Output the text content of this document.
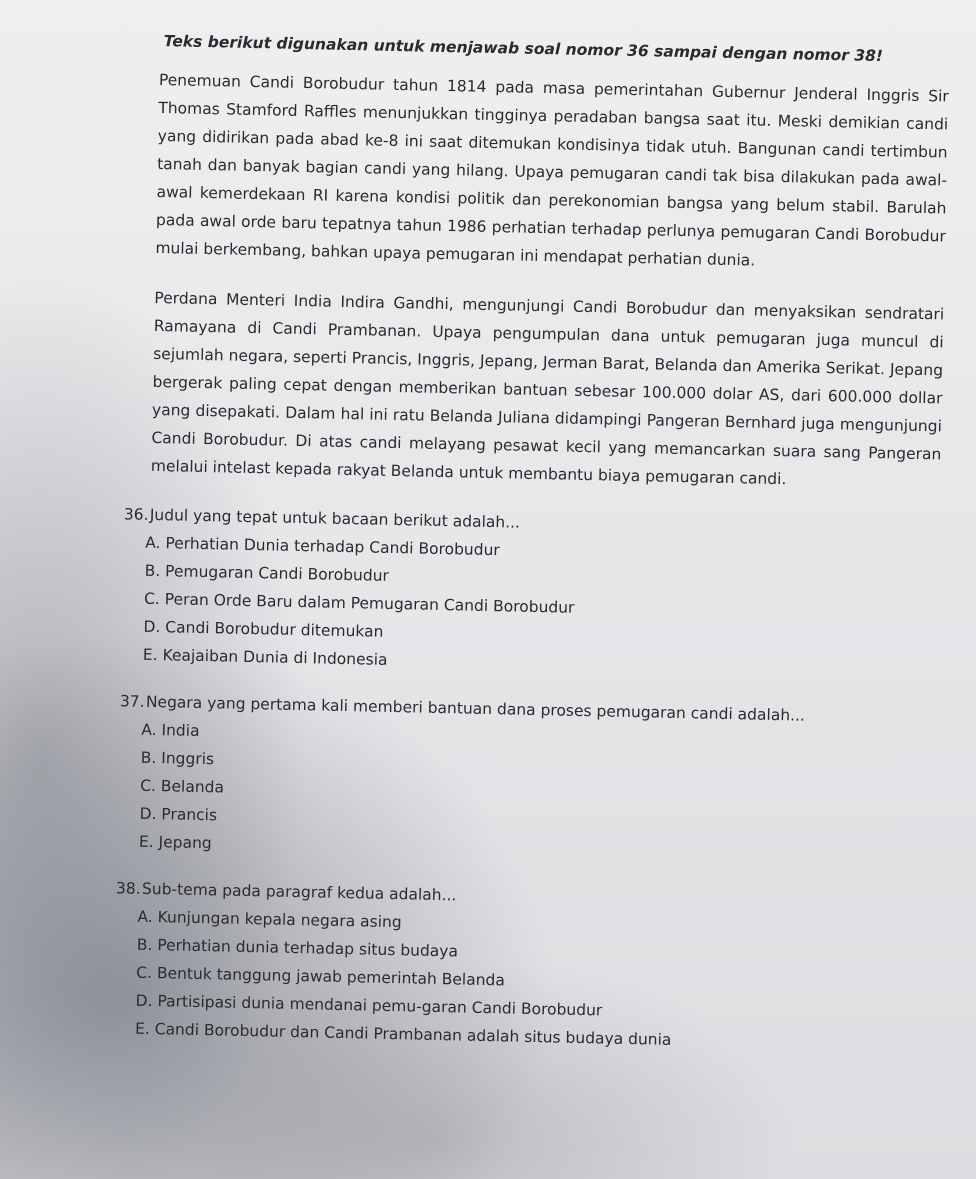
Teks berikut digunakan untuk menjawab soal nomor 36 sampai dengan nomor 38!

Penemuan Candi Borobudur tahun 1814 pada masa pemerintahan Gubernur Jenderal Inggris Sir Thomas Stamford Raffles menunjukkan tingginya peradaban bangsa saat itu. Meski demikian candi yang didirikan pada abad ke-8 ini saat ditemukan kondisinya tidak utuh. Bangunan candi tertimbun tanah dan banyak bagian candi yang hilang. Upaya pemugaran candi tak bisa dilakukan pada awal-awal kemerdekaan RI karena kondisi politik dan perekonomian bangsa yang belum stabil. Barulah pada awal orde baru tepatnya tahun 1986 perhatian terhadap perlunya pemugaran Candi Borobudur mulai berkembang, bahkan upaya pemugaran ini mendapat perhatian dunia.

Perdana Menteri India Indira Gandhi, mengunjungi Candi Borobudur dan menyaksikan sendratari Ramayana di Candi Prambanan. Upaya pengumpulan dana untuk pemugaran juga muncul di sejumlah negara, seperti Prancis, Inggris, Jepang, Jerman Barat, Belanda dan Amerika Serikat. Jepang bergerak paling cepat dengan memberikan bantuan sebesar 100.000 dolar AS, dari 600.000 dollar yang disepakati. Dalam hal ini ratu Belanda Juliana didampingi Pangeran Bernhard juga mengunjungi Candi Borobudur. Di atas candi melayang pesawat kecil yang memancarkan suara sang Pangeran melalui intelast kepada rakyat Belanda untuk membantu biaya pemugaran candi.

36.Judul yang tepat untuk bacaan berikut adalah...
A. Perhatian Dunia terhadap Candi Borobudur
B. Pemugaran Candi Borobudur
C. Peran Orde Baru dalam Pemugaran Candi Borobudur
D. Candi Borobudur ditemukan
E. Keajaiban Dunia di Indonesia
37.Negara yang pertama kali memberi bantuan dana proses pemugaran candi adalah...
A. India
B. Inggris
C. Belanda
D. Prancis
E. Jepang
38.Sub-tema pada paragraf kedua adalah...
A. Kunjungan kepala negara asing
B. Perhatian dunia terhadap situs budaya
C. Bentuk tanggung jawab pemerintah Belanda
D. Partisipasi dunia mendanai pemu-garan Candi Borobudur
E. Candi Borobudur dan Candi Prambanan adalah situs budaya dunia
